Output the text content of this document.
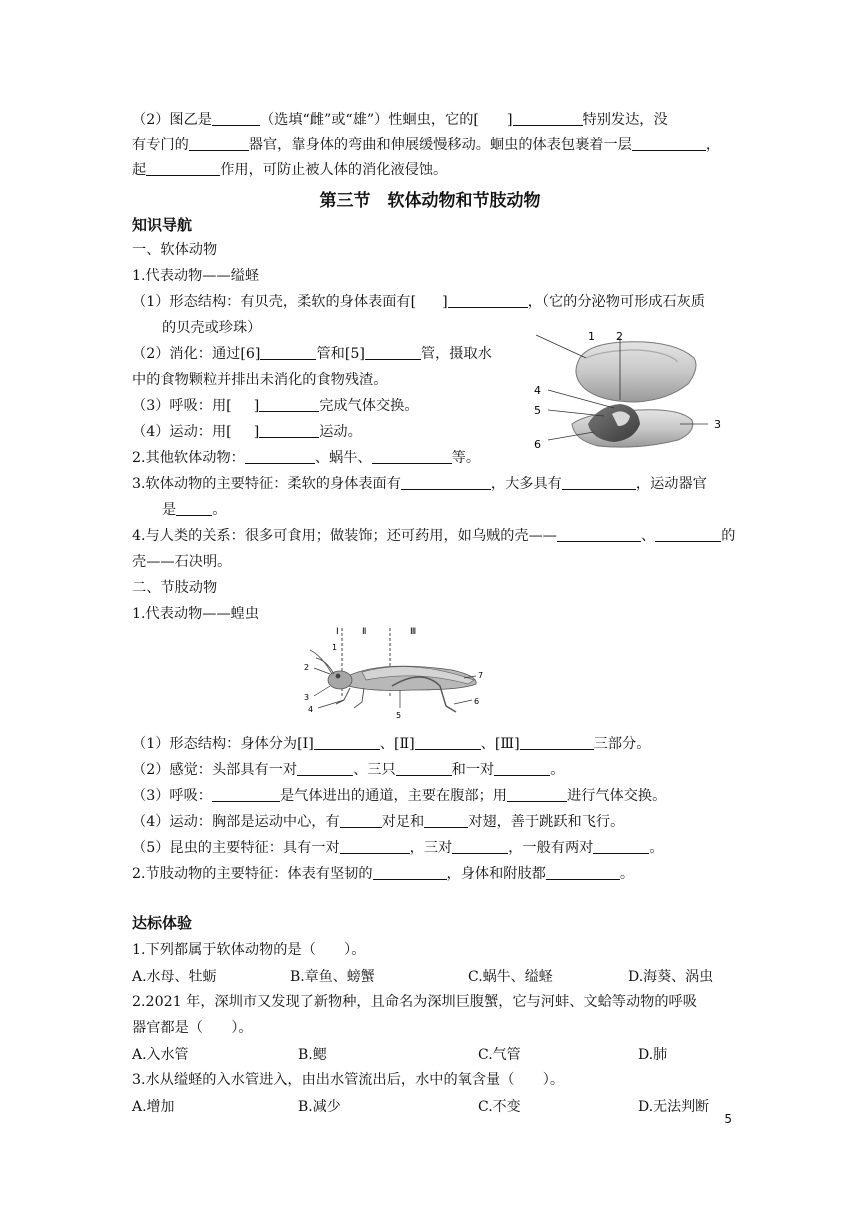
（2）图乙是	（选填“雌”或“雄”）性蛔虫，它的[ ]	特别发达，没
有专门的	器官，靠身体的弯曲和伸展缓慢移动。蛔虫的体表包裹着一层	，
起	作用，可防止被人体的消化液侵蚀。
第三节　软体动物和节肢动物
知识导航
一、软体动物
1.代表动物——缢蛏
（1）形态结构：有贝壳，柔软的身体表面有[ ]	，（它的分泌物可形成石灰质
的贝壳或珍珠）
（2）消化：通过[6]	管和[5]	管，摄取水
中的食物颗粒并排出未消化的食物残渣。
（3）呼吸：用[ ]	完成气体交换。
（4）运动：用[ ]	运动。
1 2
3
4
5
6
2.其他软体动物：	、蜗牛、	等。
3.软体动物的主要特征：柔软的身体表面有	，大多具有	，运动器官
是	。
4.与人类的关系：很多可食用；做装饰；还可药用，如乌贼的壳——	、	的
壳——石决明。
二、节肢动物
1.代表动物——蝗虫
Ⅰ	Ⅱ	Ⅲ
1
2
3
4
5
6
7
（1）形态结构：身体分为[Ⅰ]	、[Ⅱ]	、[Ⅲ]	三部分。
（2）感觉：头部具有一对	、三只	和一对	。
（3）呼吸：	是气体进出的通道，主要在腹部；用	进行气体交换。
（4）运动：胸部是运动中心，有	对足和	对翅，善于跳跃和飞行。
（5）昆虫的主要特征：具有一对	，三对	，一般有两对	。
2.节肢动物的主要特征：体表有坚韧的	，身体和附肢都	。
达标体验
1.下列都属于软体动物的是（　　）。
A.水母、牡蛎	B.章鱼、螃蟹	C.蜗牛、缢蛏	D.海葵、涡虫
2.2021 年，深圳市又发现了新物种，且命名为深圳巨腹蟹，它与河蚌、文蛤等动物的呼吸
器官都是（　　）。
A.入水管	B.鳃	C.气管	D.肺
3.水从缢蛏的入水管进入，由出水管流出后，水中的氧含量（　　）。
A.增加	B.减少	C.不变	D.无法判断
5
